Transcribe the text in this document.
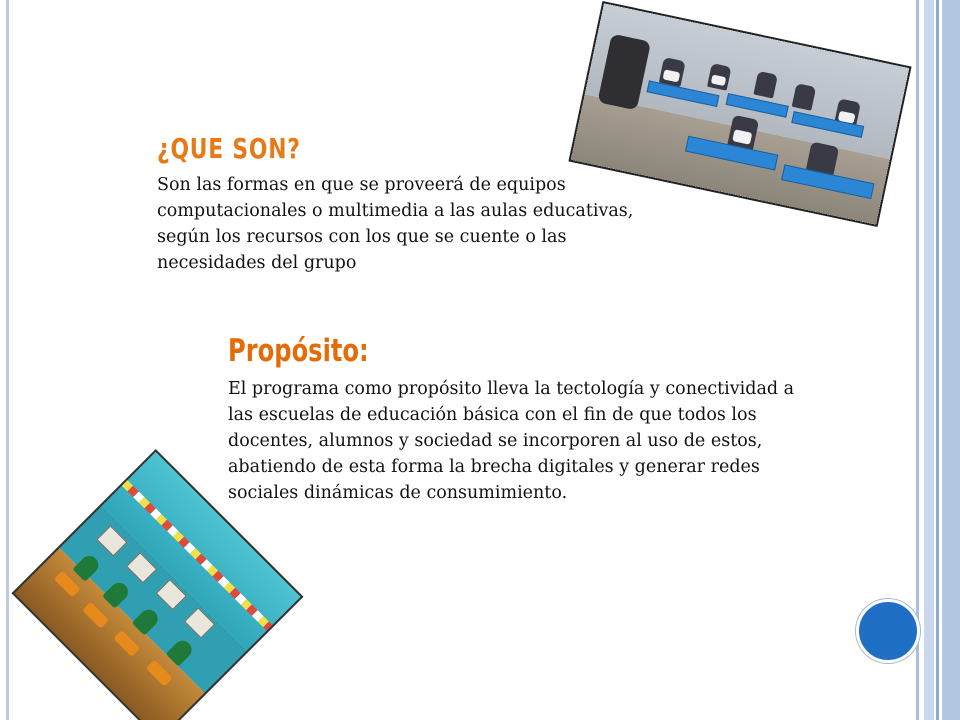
¿QUE SON?

Son las formas en que se proveerá de equipos computacionales o multimedia a las aulas educativas, según los recursos con los que se cuente o las necesidades del grupo

Propósito:

El programa como propósito lleva la tectología y conectividad a las escuelas de educación básica con el fin de que todos los docentes, alumnos y sociedad se incorporen al uso de estos, abatiendo de esta forma la brecha digitales y generar redes sociales dinámicas de consumimiento.
